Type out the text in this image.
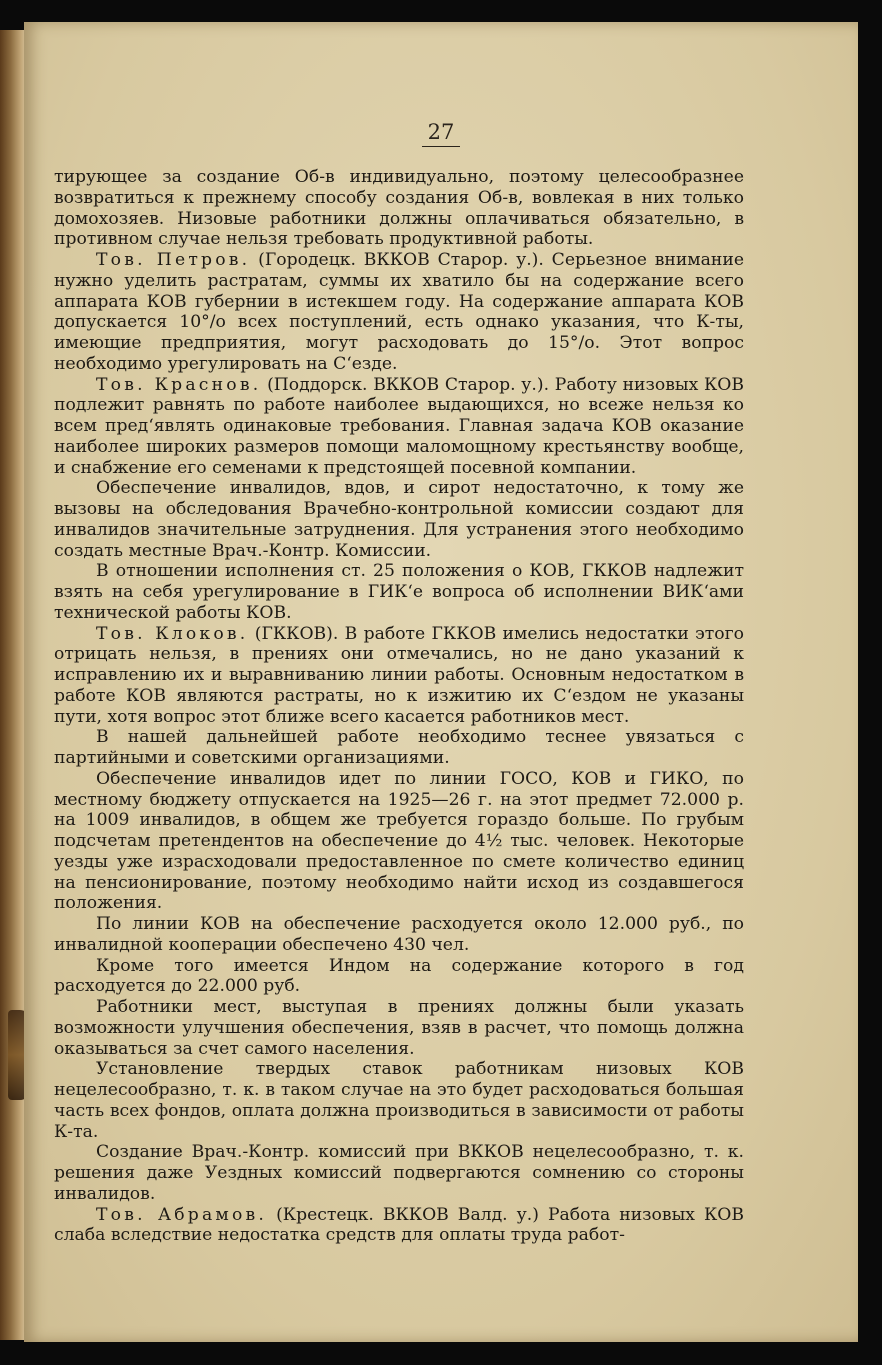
27

тирующее за создание Об-в индивидуально, поэтому целесообразнее возвратиться к прежнему способу создания Об-в, вовлекая в них только домохозяев. Низовые работники должны оплачиваться обязательно, в противном случае нельзя требовать продуктивной работы.

Тов. Петров. (Городецк. ВККОВ Старор. у.). Серьезное внимание нужно уделить растратам, суммы их хватило бы на содержание всего аппарата КОВ губернии в истекшем году. На содержание аппарата КОВ допускается 10°/о всех поступлений, есть однако указания, что К-ты, имеющие предприятия, могут расходовать до 15°/о. Этот вопрос необходимо урегулировать на С‘езде.

Тов. Краснов. (Поддорск. ВККОВ Старор. у.). Работу низовых КОВ подлежит равнять по работе наиболее выдающихся, но всеже нельзя ко всем пред‘являть одинаковые требования. Главная задача КОВ оказание наиболее широких размеров помощи маломощному крестьянству вообще, и снабжение его семенами к предстоящей посевной компании.

Обеспечение инвалидов, вдов, и сирот недостаточно, к тому же вызовы на обследования Врачебно-контрольной комиссии создают для инвалидов значительные затруднения. Для устранения этого необходимо создать местные Врач.-Контр. Комиссии.

В отношении исполнения ст. 25 положения о КОВ, ГККОВ надлежит взять на себя урегулирование в ГИК‘е вопроса об исполнении ВИК‘ами технической работы КОВ.

Тов. Клоков. (ГККОВ). В работе ГККОВ имелись недостатки этого отрицать нельзя, в прениях они отмечались, но не дано указаний к исправлению их и выравниванию линии работы. Основным недостатком в работе КОВ являются растраты, но к изжитию их С‘ездом не указаны пути, хотя вопрос этот ближе всего касается работников мест.

В нашей дальнейшей работе необходимо теснее увязаться с партийными и советскими организациями.

Обеспечение инвалидов идет по линии ГОСО, КОВ и ГИКО, по местному бюджету отпускается на 1925—26 г. на этот предмет 72.000 р. на 1009 инвалидов, в общем же требуется гораздо больше. По грубым подсчетам претендентов на обеспечение до 4½ тыс. человек. Некоторые уезды уже израсходовали предоставленное по смете количество единиц на пенсионирование, поэтому необходимо найти исход из создавшегося положения.

По линии КОВ на обеспечение расходуется около 12.000 руб., по инвалидной кооперации обеспечено 430 чел.

Кроме того имеется Индом на содержание которого в год расходуется до 22.000 руб.

Работники мест, выступая в прениях должны были указать возможности улучшения обеспечения, взяв в расчет, что помощь должна оказываться за счет самого населения.

Установление твердых ставок работникам низовых КОВ нецелесообразно, т. к. в таком случае на это будет расходоваться большая часть всех фондов, оплата должна производиться в зависимости от работы К-та.

Создание Врач.-Контр. комиссий при ВККОВ нецелесообразно, т. к. решения даже Уездных комиссий подвергаются сомнению со стороны инвалидов.

Тов. Абрамов. (Крестецк. ВККОВ Валд. у.) Работа низовых КОВ слаба вследствие недостатка средств для оплаты труда работ-
